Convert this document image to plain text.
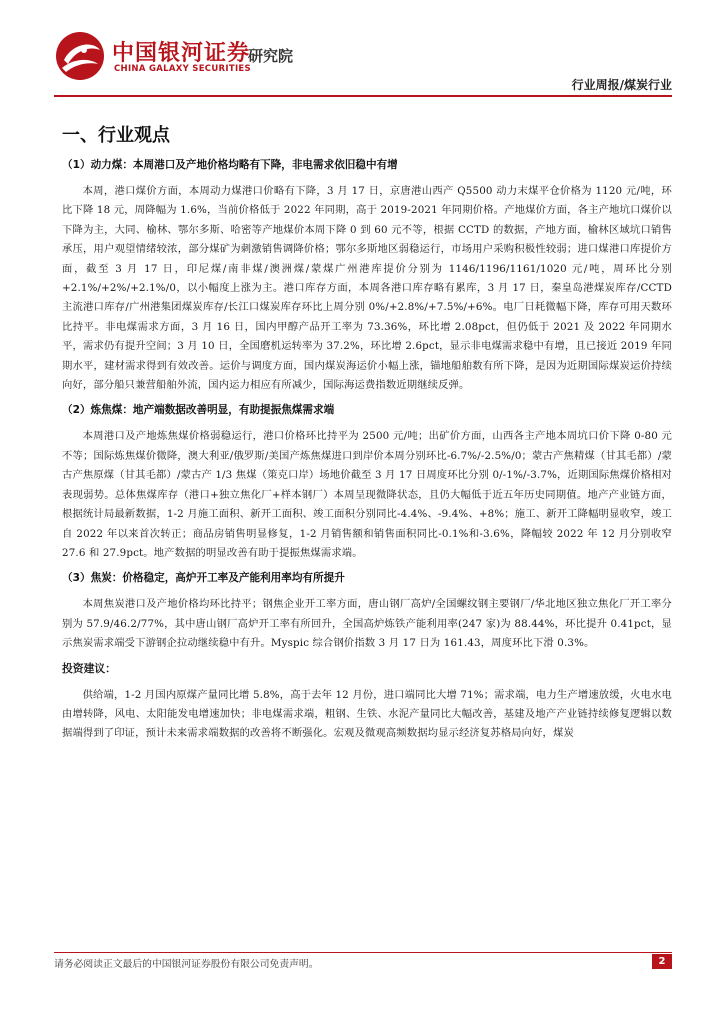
中国银河证券
CHINA GALAXY SECURITIES
研究院
行业周报/煤炭行业
一、行业观点
（1）动力煤：本周港口及产地价格均略有下降，非电需求依旧稳中有增

本周，港口煤价方面，本周动力煤港口价略有下降，3 月 17 日，京唐港山西产 Q5500 动力末煤平仓价格为 1120 元/吨，环比下降 18 元，周降幅为 1.6%，当前价格低于 2022 年同期，高于 2019-2021 年同期价格。产地煤价方面，各主产地坑口煤价以下降为主，大同、榆林、鄂尔多斯、哈密等产地煤价本周下降 0 到 60 元不等，根据 CCTD 的数据，产地方面，榆林区域坑口销售承压，用户观望情绪较浓，部分煤矿为刺激销售调降价格；鄂尔多斯地区弱稳运行，市场用户采购积极性较弱；进口煤港口库提价方面，截至 3 月 17 日，印尼煤/南非煤/澳洲煤/蒙煤广州港库提价分别为 1146/1196/1161/1020 元/吨，周环比分别+2.1%/+2%/+2.1%/0，以小幅度上涨为主。港口库存方面，本周各港口库存略有累库，3 月 17 日，秦皇岛港煤炭库存/CCTD 主流港口库存/广州港集团煤炭库存/长江口煤炭库存环比上周分别 0%/+2.8%/+7.5%/+6%。电厂日耗微幅下降，库存可用天数环比持平。非电煤需求方面，3 月 16 日，国内甲醇产品开工率为 73.36%，环比增 2.08pct，但仍低于 2021 及 2022 年同期水平，需求仍有提升空间；3 月 10 日，全国磨机运转率为 37.2%，环比增 2.6pct，显示非电煤需求稳中有增，且已接近 2019 年同期水平，建材需求得到有效改善。运价与调度方面，国内煤炭海运价小幅上涨，锚地船舶数有所下降，是因为近期国际煤炭运价持续向好，部分船只兼营船舶外流，国内运力相应有所减少，国际海运费指数近期继续反弹。

（2）炼焦煤：地产端数据改善明显，有助提振焦煤需求端

本周港口及产地炼焦煤价格弱稳运行，港口价格环比持平为 2500 元/吨；出矿价方面，山西各主产地本周坑口价下降 0-80 元不等；国际炼焦煤价微降，澳大利亚/俄罗斯/美国产炼焦煤进口到岸价本周分别环比-6.7%/-2.5%/0；蒙古产焦精煤（甘其毛都）/蒙古产焦原煤（甘其毛都）/蒙古产 1/3 焦煤（策克口岸）场地价截至 3 月 17 日周度环比分别 0/-1%/-3.7%，近期国际焦煤价格相对表现弱势。总体焦煤库存（港口+独立焦化厂+样本钢厂）本周呈现微降状态，且仍大幅低于近五年历史同期值。地产产业链方面，根据统计局最新数据，1-2 月施工面积、新开工面积、竣工面积分别同比-4.4%、-9.4%、+8%；施工、新开工降幅明显收窄，竣工自 2022 年以来首次转正；商品房销售明显修复，1-2 月销售额和销售面积同比-0.1%和-3.6%，降幅较 2022 年 12 月分别收窄 27.6 和 27.9pct。地产数据的明显改善有助于提振焦煤需求端。

（3）焦炭：价格稳定，高炉开工率及产能利用率均有所提升

本周焦炭港口及产地价格均环比持平；钢焦企业开工率方面，唐山钢厂高炉/全国螺纹钢主要钢厂/华北地区独立焦化厂开工率分别为 57.9/46.2/77%，其中唐山钢厂高炉开工率有所回升，全国高炉炼铁产能利用率(247 家)为 88.44%，环比提升 0.41pct，显示焦炭需求端受下游钢企拉动继续稳中有升。Myspic 综合钢价指数 3 月 17 日为 161.43，周度环比下滑 0.3%。

投资建议：

供给端，1-2 月国内原煤产量同比增 5.8%，高于去年 12 月份，进口端同比大增 71%；需求端，电力生产增速放缓，火电水电由增转降，风电、太阳能发电增速加快；非电煤需求端，粗钢、生铁、水泥产量同比大幅改善，基建及地产产业链持续修复逻辑以数据端得到了印证，预计未来需求端数据的改善将不断强化。宏观及微观高频数据均显示经济复苏格局向好，煤炭

请务必阅读正文最后的中国银河证券股份有限公司免责声明。	2
